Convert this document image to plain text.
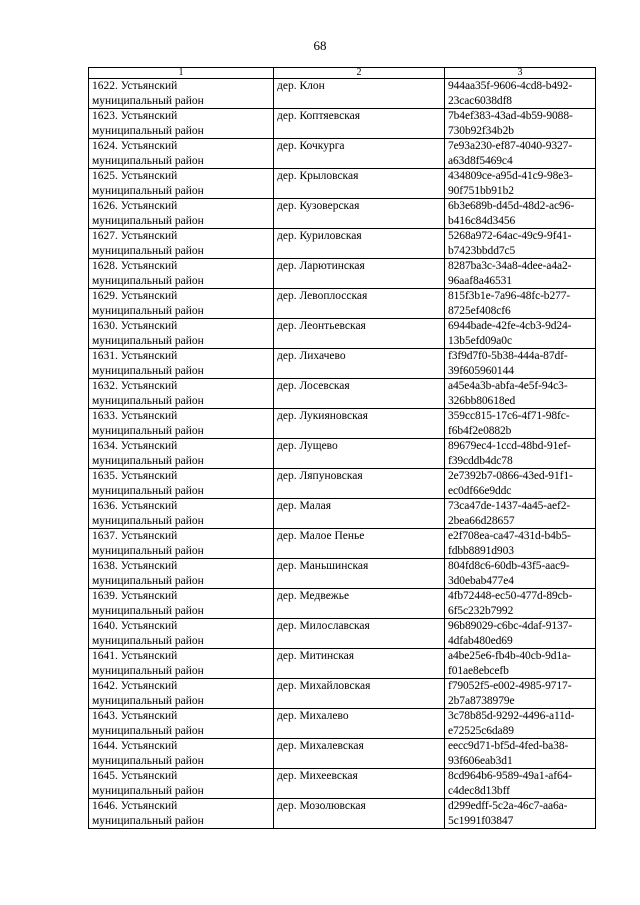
68
1	2	3

1622. Устьянский
муниципальный район	дер. Клон	944aa35f-9606-4cd8-b492-
23cac6038df8

1623. Устьянский
муниципальный район	дер. Коптяевская	7b4ef383-43ad-4b59-9088-
730b92f34b2b

1624. Устьянский
муниципальный район	дер. Кочкурга	7e93a230-ef87-4040-9327-
a63d8f5469c4

1625. Устьянский
муниципальный район	дер. Крыловская	434809ce-a95d-41c9-98e3-
90f751bb91b2

1626. Устьянский
муниципальный район	дер. Кузоверская	6b3e689b-d45d-48d2-ac96-
b416c84d3456

1627. Устьянский
муниципальный район	дер. Куриловская	5268a972-64ac-49c9-9f41-
b7423bbdd7c5

1628. Устьянский
муниципальный район	дер. Ларютинская	8287ba3c-34a8-4dee-a4a2-
96aaf8a46531

1629. Устьянский
муниципальный район	дер. Левоплосская	815f3b1e-7a96-48fc-b277-
8725ef408cf6

1630. Устьянский
муниципальный район	дер. Леонтьевская	6944bade-42fe-4cb3-9d24-
13b5efd09a0c

1631. Устьянский
муниципальный район	дер. Лихачево	f3f9d7f0-5b38-444a-87df-
39f605960144

1632. Устьянский
муниципальный район	дер. Лосевская	a45e4a3b-abfa-4e5f-94c3-
326bb80618ed

1633. Устьянский
муниципальный район	дер. Лукияновская	359cc815-17c6-4f71-98fc-
f6b4f2e0882b

1634. Устьянский
муниципальный район	дер. Лущево	89679ec4-1ccd-48bd-91ef-
f39cddb4dc78

1635. Устьянский
муниципальный район	дер. Ляпуновская	2e7392b7-0866-43ed-91f1-
ec0df66e9ddc

1636. Устьянский
муниципальный район	дер. Малая	73ca47de-1437-4a45-aef2-
2bea66d28657

1637. Устьянский
муниципальный район	дер. Малое Пенье	e2f708ea-ca47-431d-b4b5-
fdbb8891d903

1638. Устьянский
муниципальный район	дер. Маньшинская	804fd8c6-60db-43f5-aac9-
3d0ebab477e4

1639. Устьянский
муниципальный район	дер. Медвежье	4fb72448-ec50-477d-89cb-
6f5c232b7992

1640. Устьянский
муниципальный район	дер. Милославская	96b89029-c6bc-4daf-9137-
4dfab480ed69

1641. Устьянский
муниципальный район	дер. Митинская	a4be25e6-fb4b-40cb-9d1a-
f01ae8ebcefb

1642. Устьянский
муниципальный район	дер. Михайловская	f79052f5-e002-4985-9717-
2b7a8738979e

1643. Устьянский
муниципальный район	дер. Михалево	3c78b85d-9292-4496-a11d-
e72525c6da89

1644. Устьянский
муниципальный район	дер. Михалевская	eecc9d71-bf5d-4fed-ba38-
93f606eab3d1

1645. Устьянский
муниципальный район	дер. Михеевская	8cd964b6-9589-49a1-af64-
c4dec8d13bff

1646. Устьянский
муниципальный район	дер. Мозолювская	d299edff-5c2a-46c7-aa6a-
5c1991f03847
